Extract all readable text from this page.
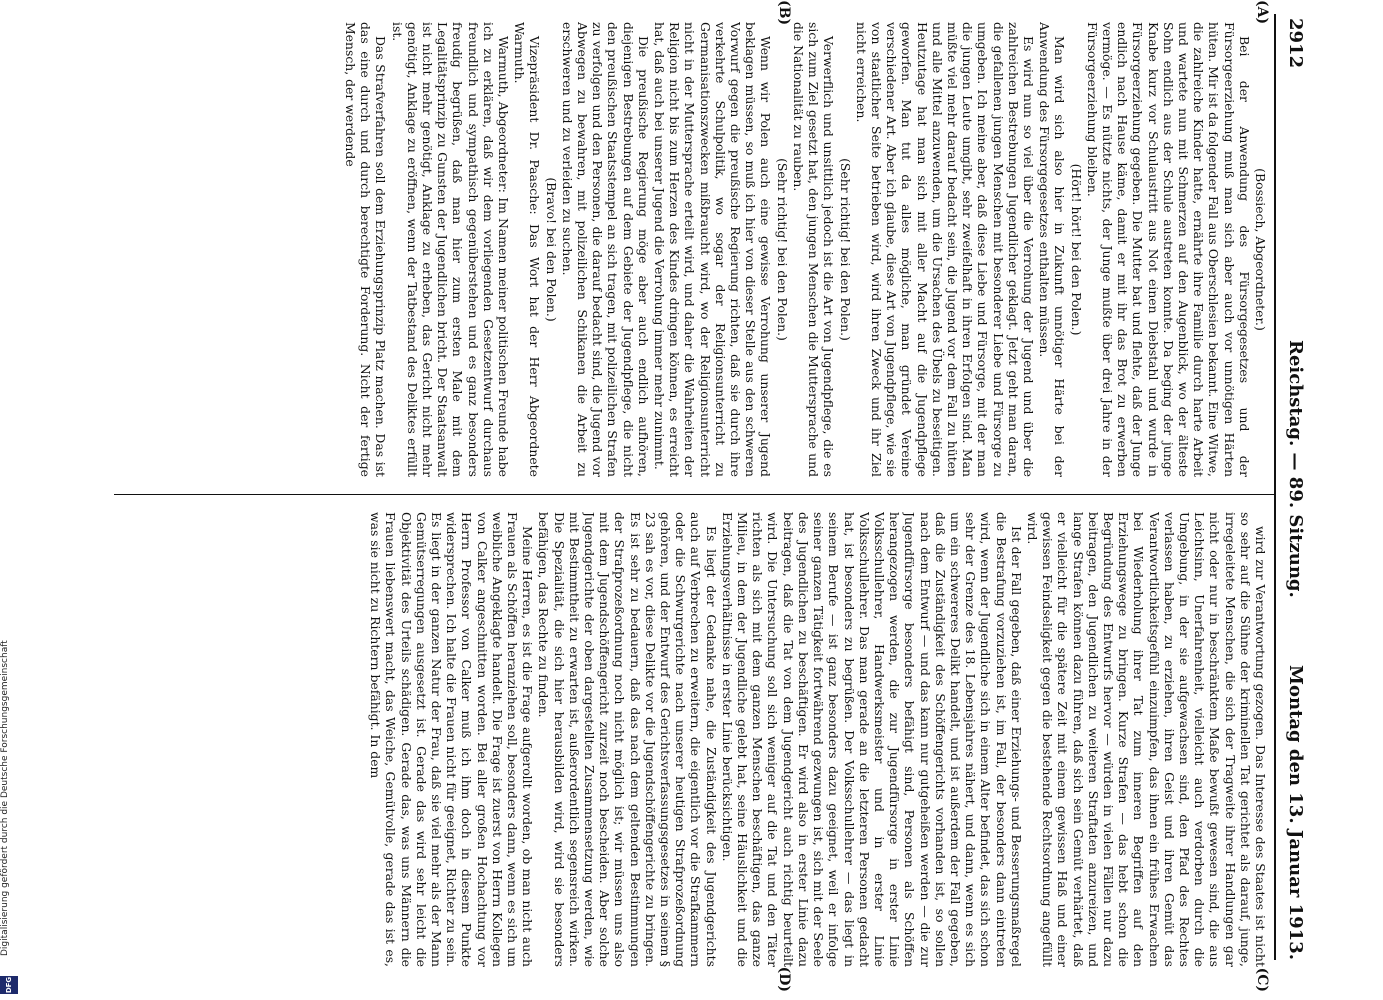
2912
Reichstag. — 89. Sitzung.
Montag den 13. Januar 1913.
(A)
(B)
(C)
(D)

(Bossiech, Abgeordneter.)

Bei der Anwendung des Fürsorgegesetzes und der Fürsorgeerziehung muß man sich aber auch vor unnötigen Härten hüten. Mir ist da folgender Fall aus Oberschlesien bekannt. Eine Witwe, die zahlreiche Kinder hatte, ernährte ihre Familie durch harte Arbeit und wartete nun mit Schmerzen auf den Augenblick, wo der älteste Sohn endlich aus der Schule austreten konnte. Da beging der junge Knabe kurz vor Schulaustritt aus Not einen Diebstahl und wurde in Fürsorgeerziehung gegeben. Die Mutter bat und flehte, daß der Junge endlich nach Hause käme, damit er mit ihr das Brot zu erwerben vermöge. — Es nützte nichts, der Junge mußte über drei Jahre in der Fürsorgeerziehung bleiben.

(Hört! hört! bei den Polen.)

Man wird sich also hier in Zukunft unnötiger Härte bei der Anwendung des Fürsorgegesetzes enthalten müssen.

Es wird nun so viel über die Verrohung der Jugend und über die zahlreichen Bestrebungen Jugendlicher geklagt. Jetzt geht man daran, die gefallenen jungen Menschen mit besonderer Liebe und Fürsorge zu umgeben. Ich meine aber, daß diese Liebe und Fürsorge, mit der man die jungen Leute umgibt, sehr zweifelhaft in ihren Erfolgen sind. Man müßte viel mehr darauf bedacht sein, die Jugend vor dem Fall zu hüten und alle Mittel anzuwenden, um die Ursachen des Übels zu beseitigen. Heutzutage hat man sich mit aller Macht auf die Jugendpflege geworfen. Man tut da alles mögliche, man gründet Vereine verschiedener Art. Aber ich glaube, diese Art von Jugendpflege, wie sie von staatlicher Seite betrieben wird, wird ihren Zweck und ihr Ziel nicht erreichen.

(Sehr richtig! bei den Polen.)

Verwerflich und unsittlich jedoch ist die Art von Jugendpflege, die es sich zum Ziel gesetzt hat, den jungen Menschen die Muttersprache und die Nationalität zu rauben.

(Sehr richtig! bei den Polen.)

Wenn wir Polen auch eine gewisse Verrohung unserer Jugend beklagen müssen, so muß ich hier von dieser Stelle aus den schweren Vorwurf gegen die preußische Regierung richten, daß sie durch ihre verkehrte Schulpolitik, wo sogar der Religionsunterricht zu Germanisationszwecken mißbraucht wird, wo der Religionsunterricht nicht in der Muttersprache erteilt wird, und daher die Wahrheiten der Religion nicht bis zum Herzen des Kindes dringen können, es erreicht hat, daß auch bei unserer Jugend die Verrohung immer mehr zunimmt.

Die preußische Regierung möge aber auch endlich aufhören, diejenigen Bestrebungen auf dem Gebiete der Jugendpflege, die nicht den preußischen Staatsstempel an sich tragen, mit polizeilichen Strafen zu verfolgen und den Personen, die darauf bedacht sind, die Jugend vor Abwegen zu bewahren, mit polizeilichen Schikanen die Arbeit zu erschweren und zu verleiden zu suchen.

(Bravo! bei den Polen.)

Vizepräsident Dr. Paasche: Das Wort hat der Herr Abgeordnete Warmuth.

Warmuth, Abgeordneter: Im Namen meiner politischen Freunde habe ich zu erklären, daß wir dem vorliegenden Gesetzentwurf durchaus freundlich und sympathisch gegenüberstehen und es ganz besonders freudig begrüßen, daß man hier zum ersten Male mit dem Legalitätsprinzip zu Gunsten der Jugendlichen bricht. Der Staatsanwalt ist nicht mehr genötigt, Anklage zu erheben, das Gericht nicht mehr genötigt, Anklage zu eröffnen, wenn der Tatbestand des Deliktes erfüllt ist.

Das Strafverfahren soll dem Erziehungsprinzip Platz machen. Das ist das eine durch und durch berechtigte Forderung. Nicht der fertige Mensch, der werdende

wird zur Verantwortung gezogen. Das Interesse des Staates ist nicht so sehr auf die Sühne der kriminellen Tat gerichtet als darauf, junge, irregeleitete Menschen, die sich der Tragweite ihrer Handlungen gar nicht oder nur in beschränktem Maße bewußt gewesen sind, die aus Leichtsinn, Unerfahrenheit, vielleicht auch verdorben durch die Umgebung, in der sie aufgewachsen sind, den Pfad des Rechtes verlassen haben, zu erziehen, ihren Geist und ihren Gemüt das Verantwortlichkeitsgefühl einzuimpfen, das ihnen ein frühes Erwachen bei Wiederholung ihrer Tat zum inneren Begriffen auf den Erziehungswege zu bringen. Kurze Strafen — das hebt schon die Begründung des Entwurfs hervor — würden in vielen Fällen nur dazu beitragen, den Jugendlichen zu weiteren Straftaten anzureizen, und lange Strafen können dazu führen, daß sich sein Gemüt verhärtet, daß er vielleicht für die spätere Zeit mit einem gewissen Haß und einer gewissen Feindseligkeit gegen die bestehende Rechtsordnung angefüllt wird.

Ist der Fall gegeben, daß einer Erziehungs- und Besserungsmaßregel die Bestrafung vorzuziehen ist, im Fall, der besonders dann eintreten wird, wenn der Jugendliche sich in einem Alter befindet, das sich schon sehr der Grenze des 18. Lebensjahres nähert, und dann, wenn es sich um ein schwereres Delikt handelt, und ist außerdem der Fall gegeben, daß die Zuständigkeit des Schöffengerichts vorhanden ist, so sollen nach dem Entwurf — und das kann nur gutgeheißen werden — die zur Jugendfürsorge besonders befähigt sind, Personen als Schöffen herangezogen werden, die zur Jugendfürsorge in erster Linie Volksschullehrer, Handwerksmeister und in erster Linie Volksschullehrer. Das man gerade an die letzteren Personen gedacht hat, ist besonders zu begrüßen. Der Volksschullehrer — das liegt in seinem Berufe — ist ganz besonders dazu geeignet, weil er infolge seiner ganzen Tätigkeit fortwährend gezwungen ist, sich mit der Seele des Jugendlichen zu beschäftigen. Er wird also in erster Linie dazu beitragen, daß die Tat von dem Jugendgericht auch richtig beurteilt wird. Die Untersuchung soll sich weniger auf die Tat und den Täter richten als sich mit dem ganzen Menschen beschäftigen, das ganze Milieu, in dem der Jugendliche gelebt hat, seine Häuslichkeit und die Erziehungsverhältnisse in erster Linie berücksichtigen.

Es liegt der Gedanke nahe, die Zuständigkeit des Jugendgerichts auch auf Verbrechen zu erweitern, die eigentlich vor die Strafkammern oder die Schwurgerichte nach unserer heutigen Strafprozeßordnung gehören, und der Entwurf des Gerichtsverfassungsgesetzes in seinem § 23 sah es vor, diese Delikte vor die Jugendschöffengerichte zu bringen. Es ist sehr zu bedauern, daß das nach dem geltenden Bestimmungen der Strafprozeßordnung noch nicht möglich ist; wir müssen uns also mit dem Jugendschöffengericht zurzeit noch bescheiden. Aber solche Jugendgerichte der oben dargestellten Zusammensetzung werden, wie mit Bestimmtheit zu erwarten ist, außerordentlich segensreich wirken. Die Spezialität, die sich hier herausbilden wird, wird sie besonders befähigen, das Rechte zu finden.

Meine Herren, es ist die Frage aufgerollt worden, ob man nicht auch Frauen als Schöffen heranziehen soll, besonders dann, wenn es sich um weibliche Angeklagte handelt. Die Frage ist zuerst von Herrn Kollegen von Calker angeschnitten worden. Bei aller großen Hochachtung vor Herrn Professor von Calker muß ich ihm doch in diesem Punkte widersprechen. Ich halte die Frauen nicht für geeignet, Richter zu sein. Es liegt in der ganzen Natur der Frau, daß sie viel mehr als der Mann Gemütserregungen ausgesetzt ist. Gerade das wird sehr leicht die Objektivität des Urteils schädigen. Gerade das, was uns Männern die Frauen liebenswert macht, das Weiche, Gemütvolle, gerade das ist es, was sie nicht zu Richtern befähigt. In dem

Digitalisierung gefördert durch die Deutsche Forschungsgemeinschaft
DFG
